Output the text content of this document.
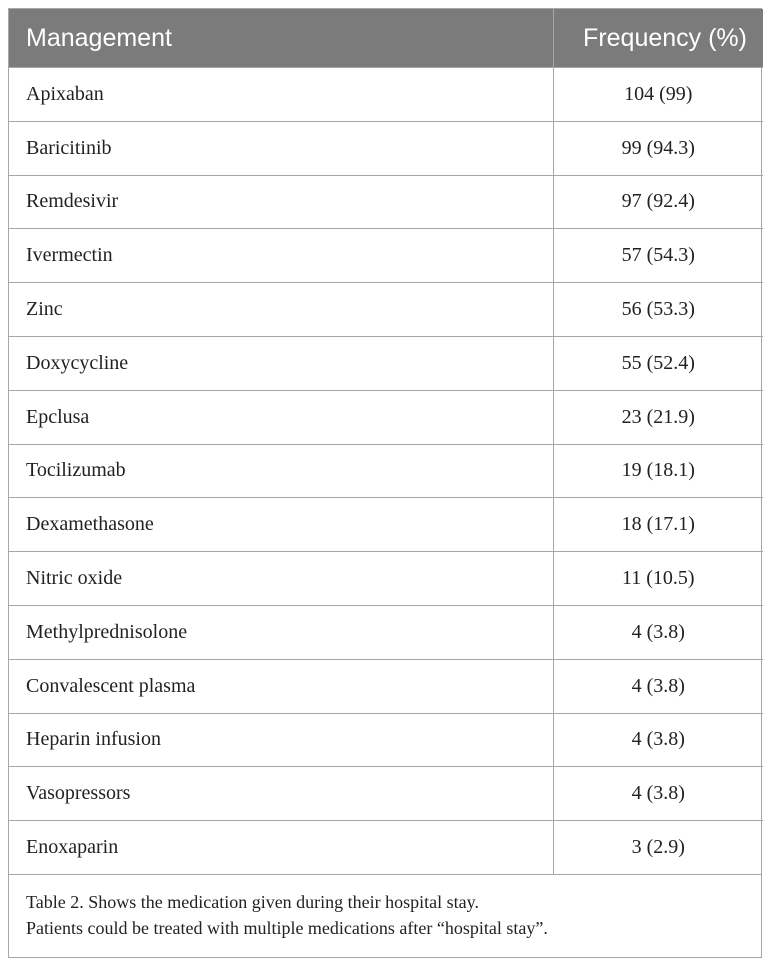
Management	Frequency (%)
Apixaban	104 (99)
Baricitinib	99 (94.3)
Remdesivir	97 (92.4)
Ivermectin	57 (54.3)
Zinc	56 (53.3)
Doxycycline	55 (52.4)
Epclusa	23 (21.9)
Tocilizumab	19 (18.1)
Dexamethasone	18 (17.1)
Nitric oxide	11 (10.5)
Methylprednisolone	4 (3.8)
Convalescent plasma	4 (3.8)
Heparin infusion	4 (3.8)
Vasopressors	4 (3.8)
Enoxaparin	3 (2.9)
Table 2. Shows the medication given during their hospital stay.
Patients could be treated with multiple medications after “hospital stay”.
